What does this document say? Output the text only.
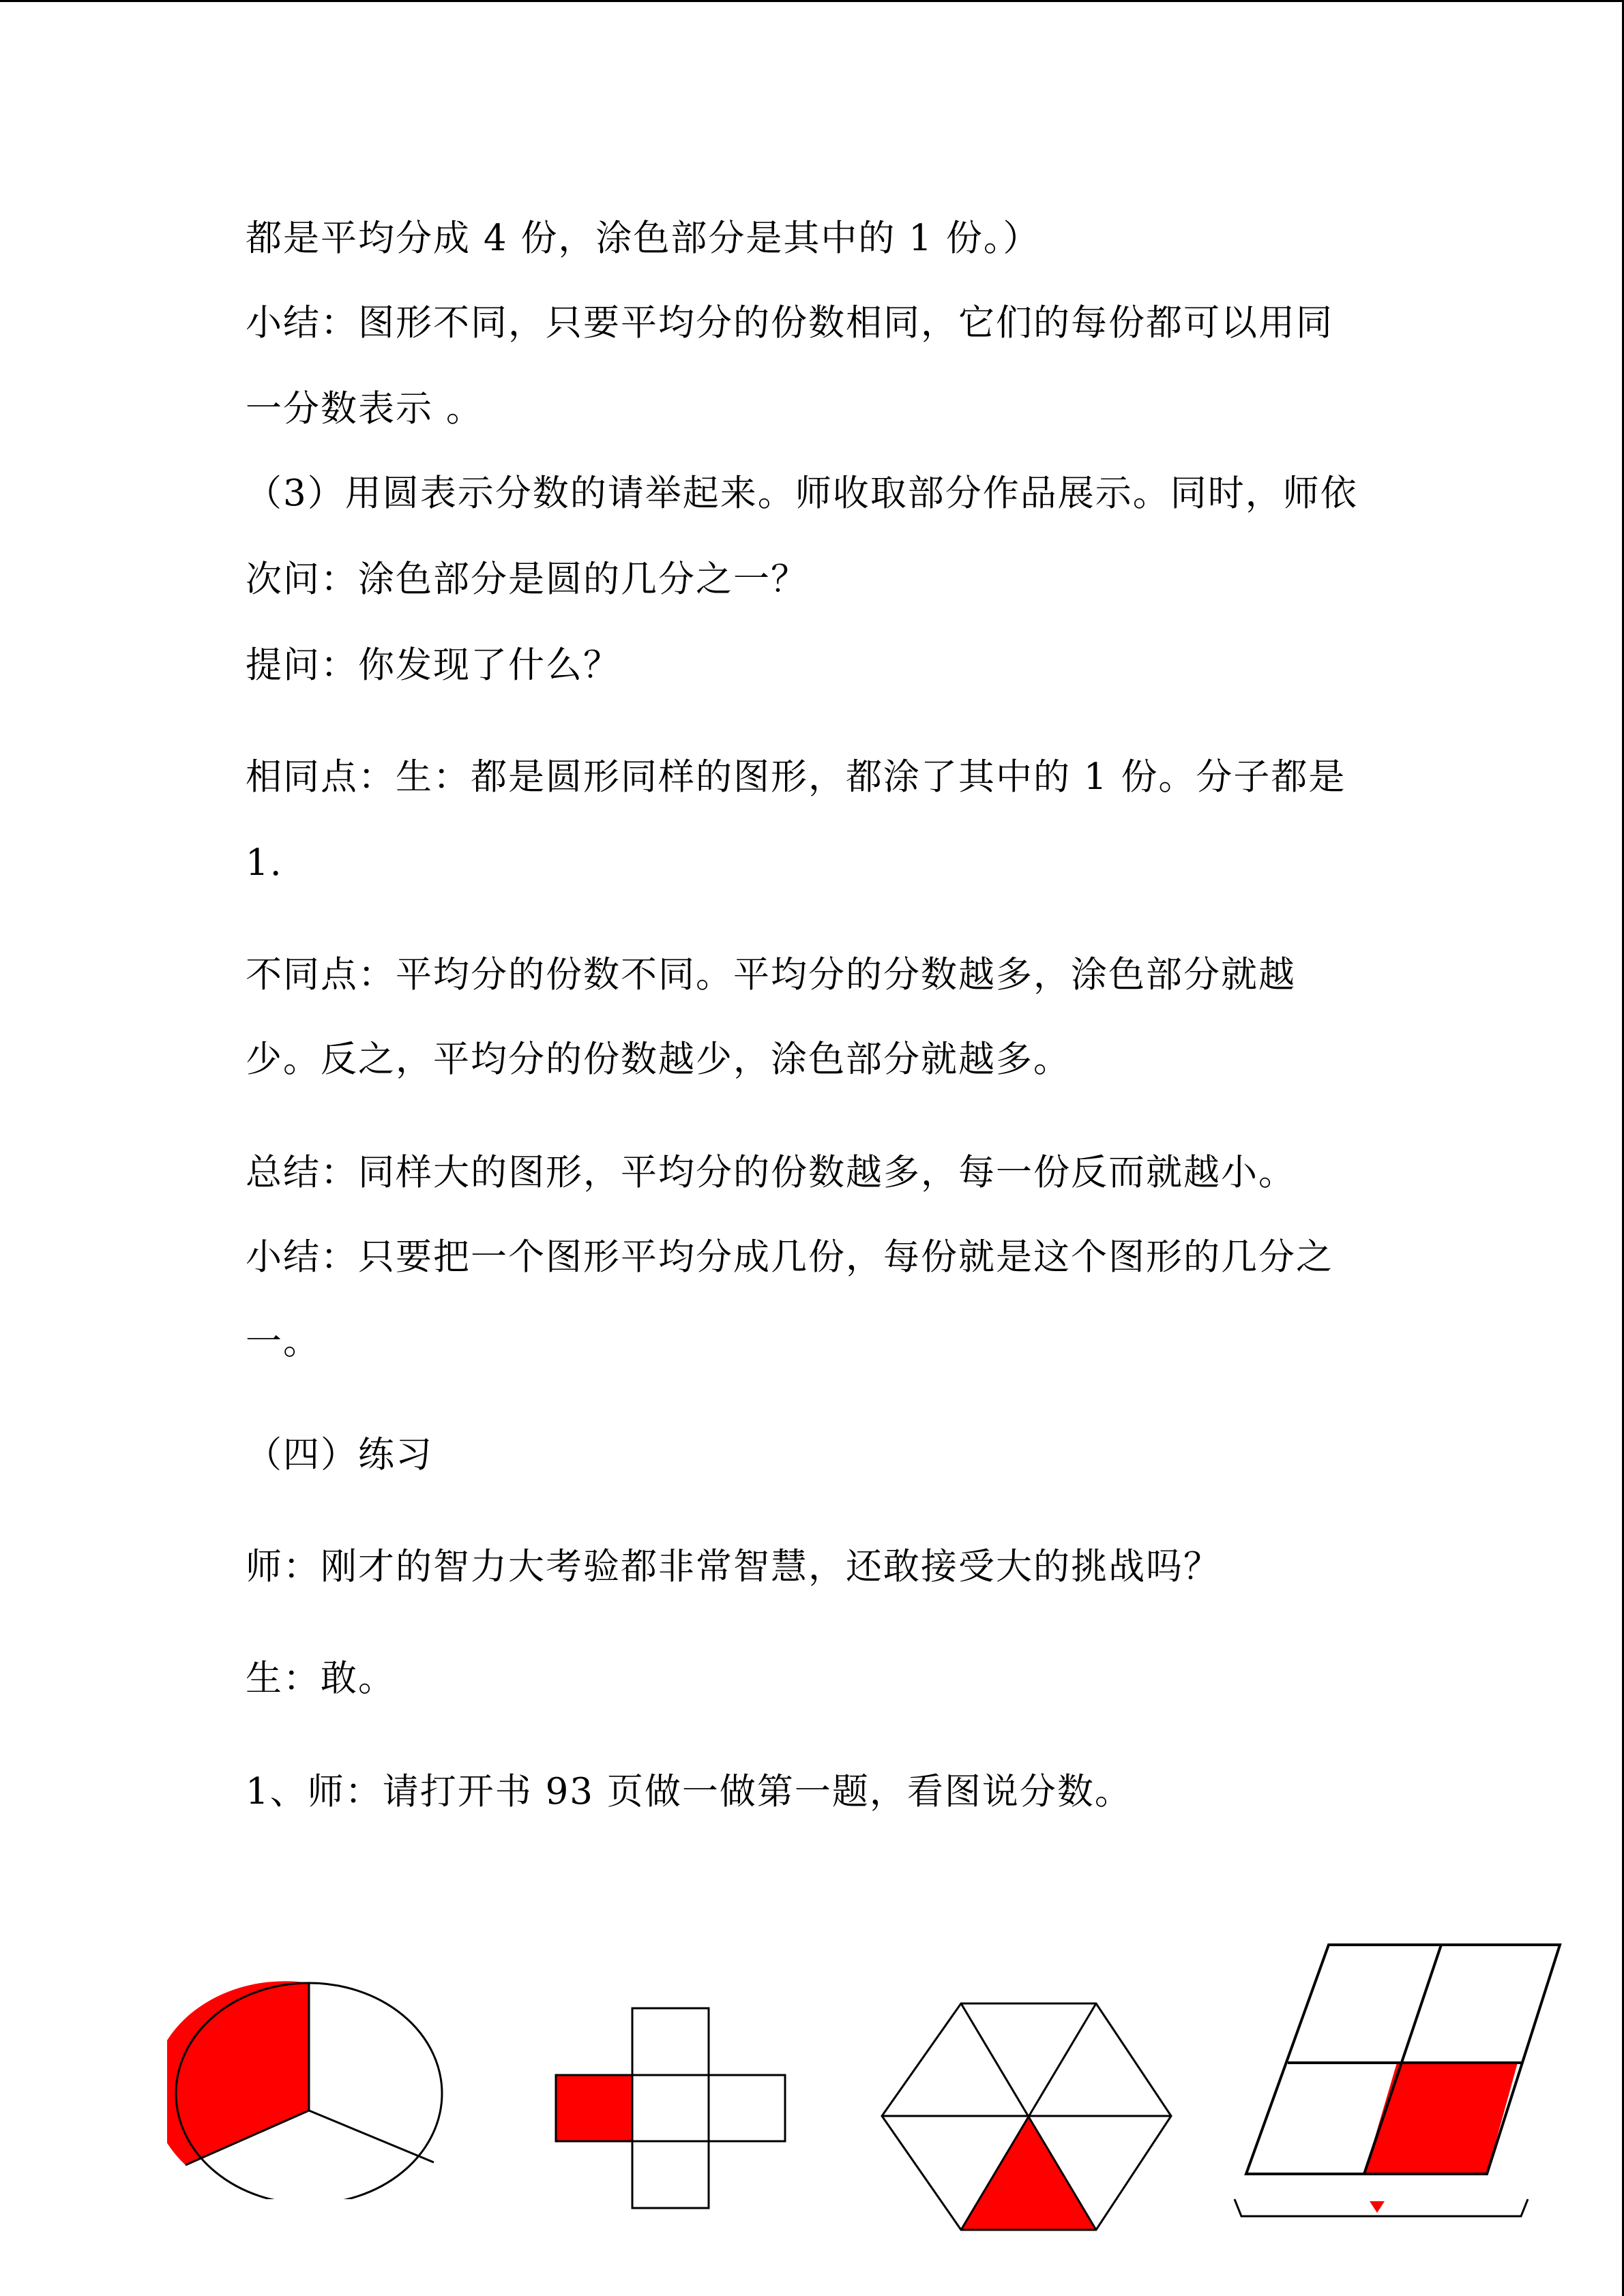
都是平均分成 4 份，涂色部分是其中的 1 份。）
小结：图形不同，只要平均分的份数相同，它们的每份都可以用同
一分数表示 。
（3）用圆表示分数的请举起来。师收取部分作品展示。同时，师依
次问：涂色部分是圆的几分之一？
提问：你发现了什么？
相同点：生：都是圆形同样的图形，都涂了其中的 1 份。分子都是
1.
不同点：平均分的份数不同。平均分的分数越多，涂色部分就越
少。反之，平均分的份数越少，涂色部分就越多。
总结：同样大的图形，平均分的份数越多，每一份反而就越小。
小结：只要把一个图形平均分成几份，每份就是这个图形的几分之
一。
（四）练习
师：刚才的智力大考验都非常智慧，还敢接受大的挑战吗？
生：敢。
1、师：请打开书 93 页做一做第一题，看图说分数。
